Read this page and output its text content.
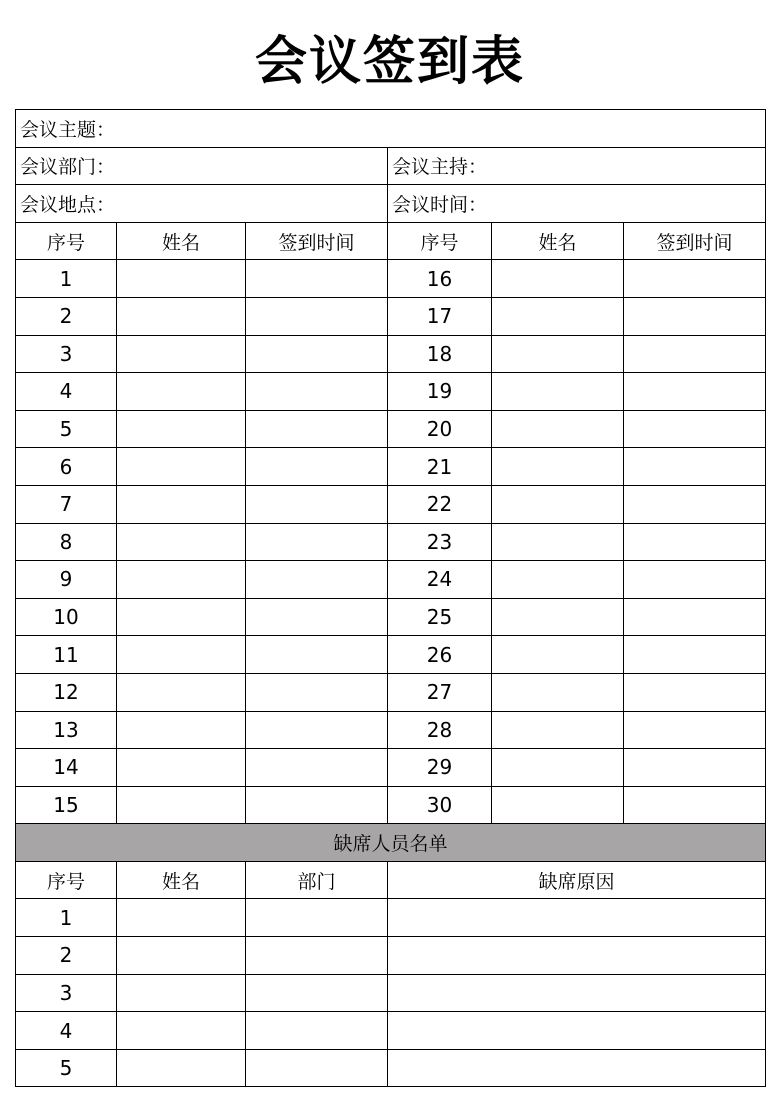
会议签到表
会议主题：					
会议部门：			会议主持：		
会议地点：			会议时间：		
序号	姓名	签到时间	序号	姓名	签到时间
1			16		
2			17		
3			18		
4			19		
5			20		
6			21		
7			22		
8			23		
9			24		
10			25		
11			26		
12			27		
13			28		
14			29		
15			30		
缺席人员名单					
序号	姓名	部门	缺席原因		
1					
2					
3					
4					
5					
